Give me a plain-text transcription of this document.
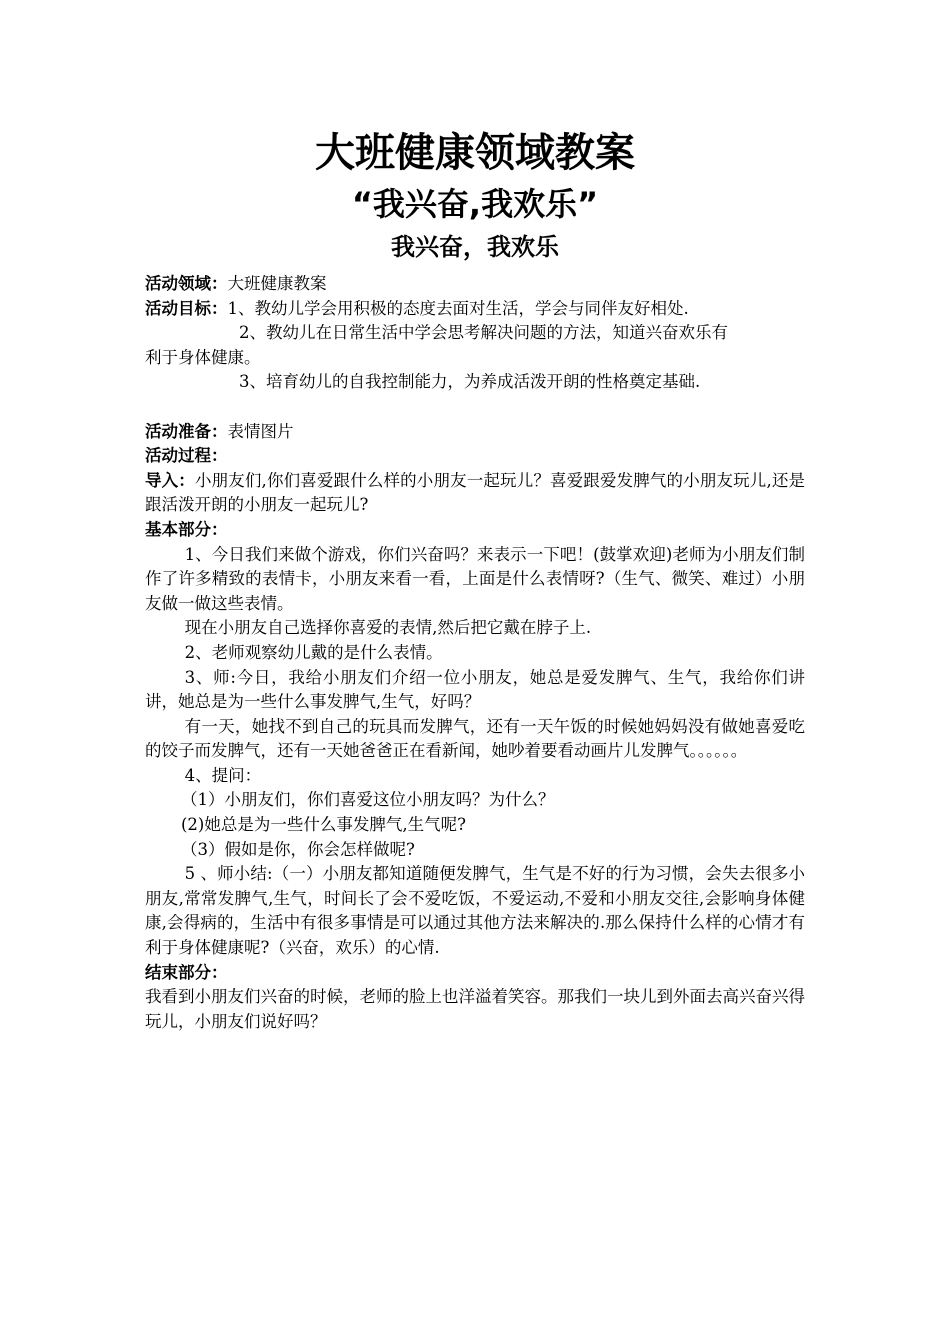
大班健康领域教案
“我兴奋,我欢乐”
我兴奋，我欢乐

活动领域：大班健康教案

活动目标：1、教幼儿学会用积极的态度去面对生活，学会与同伴友好相处.

2、教幼儿在日常生活中学会思考解决问题的方法，知道兴奋欢乐有

利于身体健康。

3、培育幼儿的自我控制能力，为养成活泼开朗的性格奠定基础.

活动准备：表情图片

活动过程：

导入：小朋友们,你们喜爱跟什么样的小朋友一起玩儿？喜爱跟爱发脾气的小朋友玩儿,还是跟活泼开朗的小朋友一起玩儿?

基本部分：

1、今日我们来做个游戏，你们兴奋吗？来表示一下吧！(鼓掌欢迎)老师为小朋友们制作了许多精致的表情卡，小朋友来看一看，上面是什么表情呀?（生气、微笑、难过）小朋友做一做这些表情。

现在小朋友自己选择你喜爱的表情,然后把它戴在脖子上.

2、老师观察幼儿戴的是什么表情。

3、师:今日，我给小朋友们介绍一位小朋友，她总是爱发脾气、生气，我给你们讲讲，她总是为一些什么事发脾气,生气，好吗？

有一天，她找不到自己的玩具而发脾气，还有一天午饭的时候她妈妈没有做她喜爱吃的饺子而发脾气，还有一天她爸爸正在看新闻，她吵着要看动画片儿发脾气。。。。。。

4、提问：

（1）小朋友们，你们喜爱这位小朋友吗？为什么？

(2)她总是为一些什么事发脾气,生气呢?

（3）假如是你，你会怎样做呢?

5 、师小结:（一）小朋友都知道随便发脾气，生气是不好的行为习惯，会失去很多小朋友,常常发脾气,生气，时间长了会不爱吃饭，不爱运动,不爱和小朋友交往,会影响身体健康,会得病的，生活中有很多事情是可以通过其他方法来解决的.那么保持什么样的心情才有利于身体健康呢?（兴奋，欢乐）的心情.

结束部分：

我看到小朋友们兴奋的时候，老师的脸上也洋溢着笑容。那我们一块儿到外面去高兴奋兴得玩儿，小朋友们说好吗？
